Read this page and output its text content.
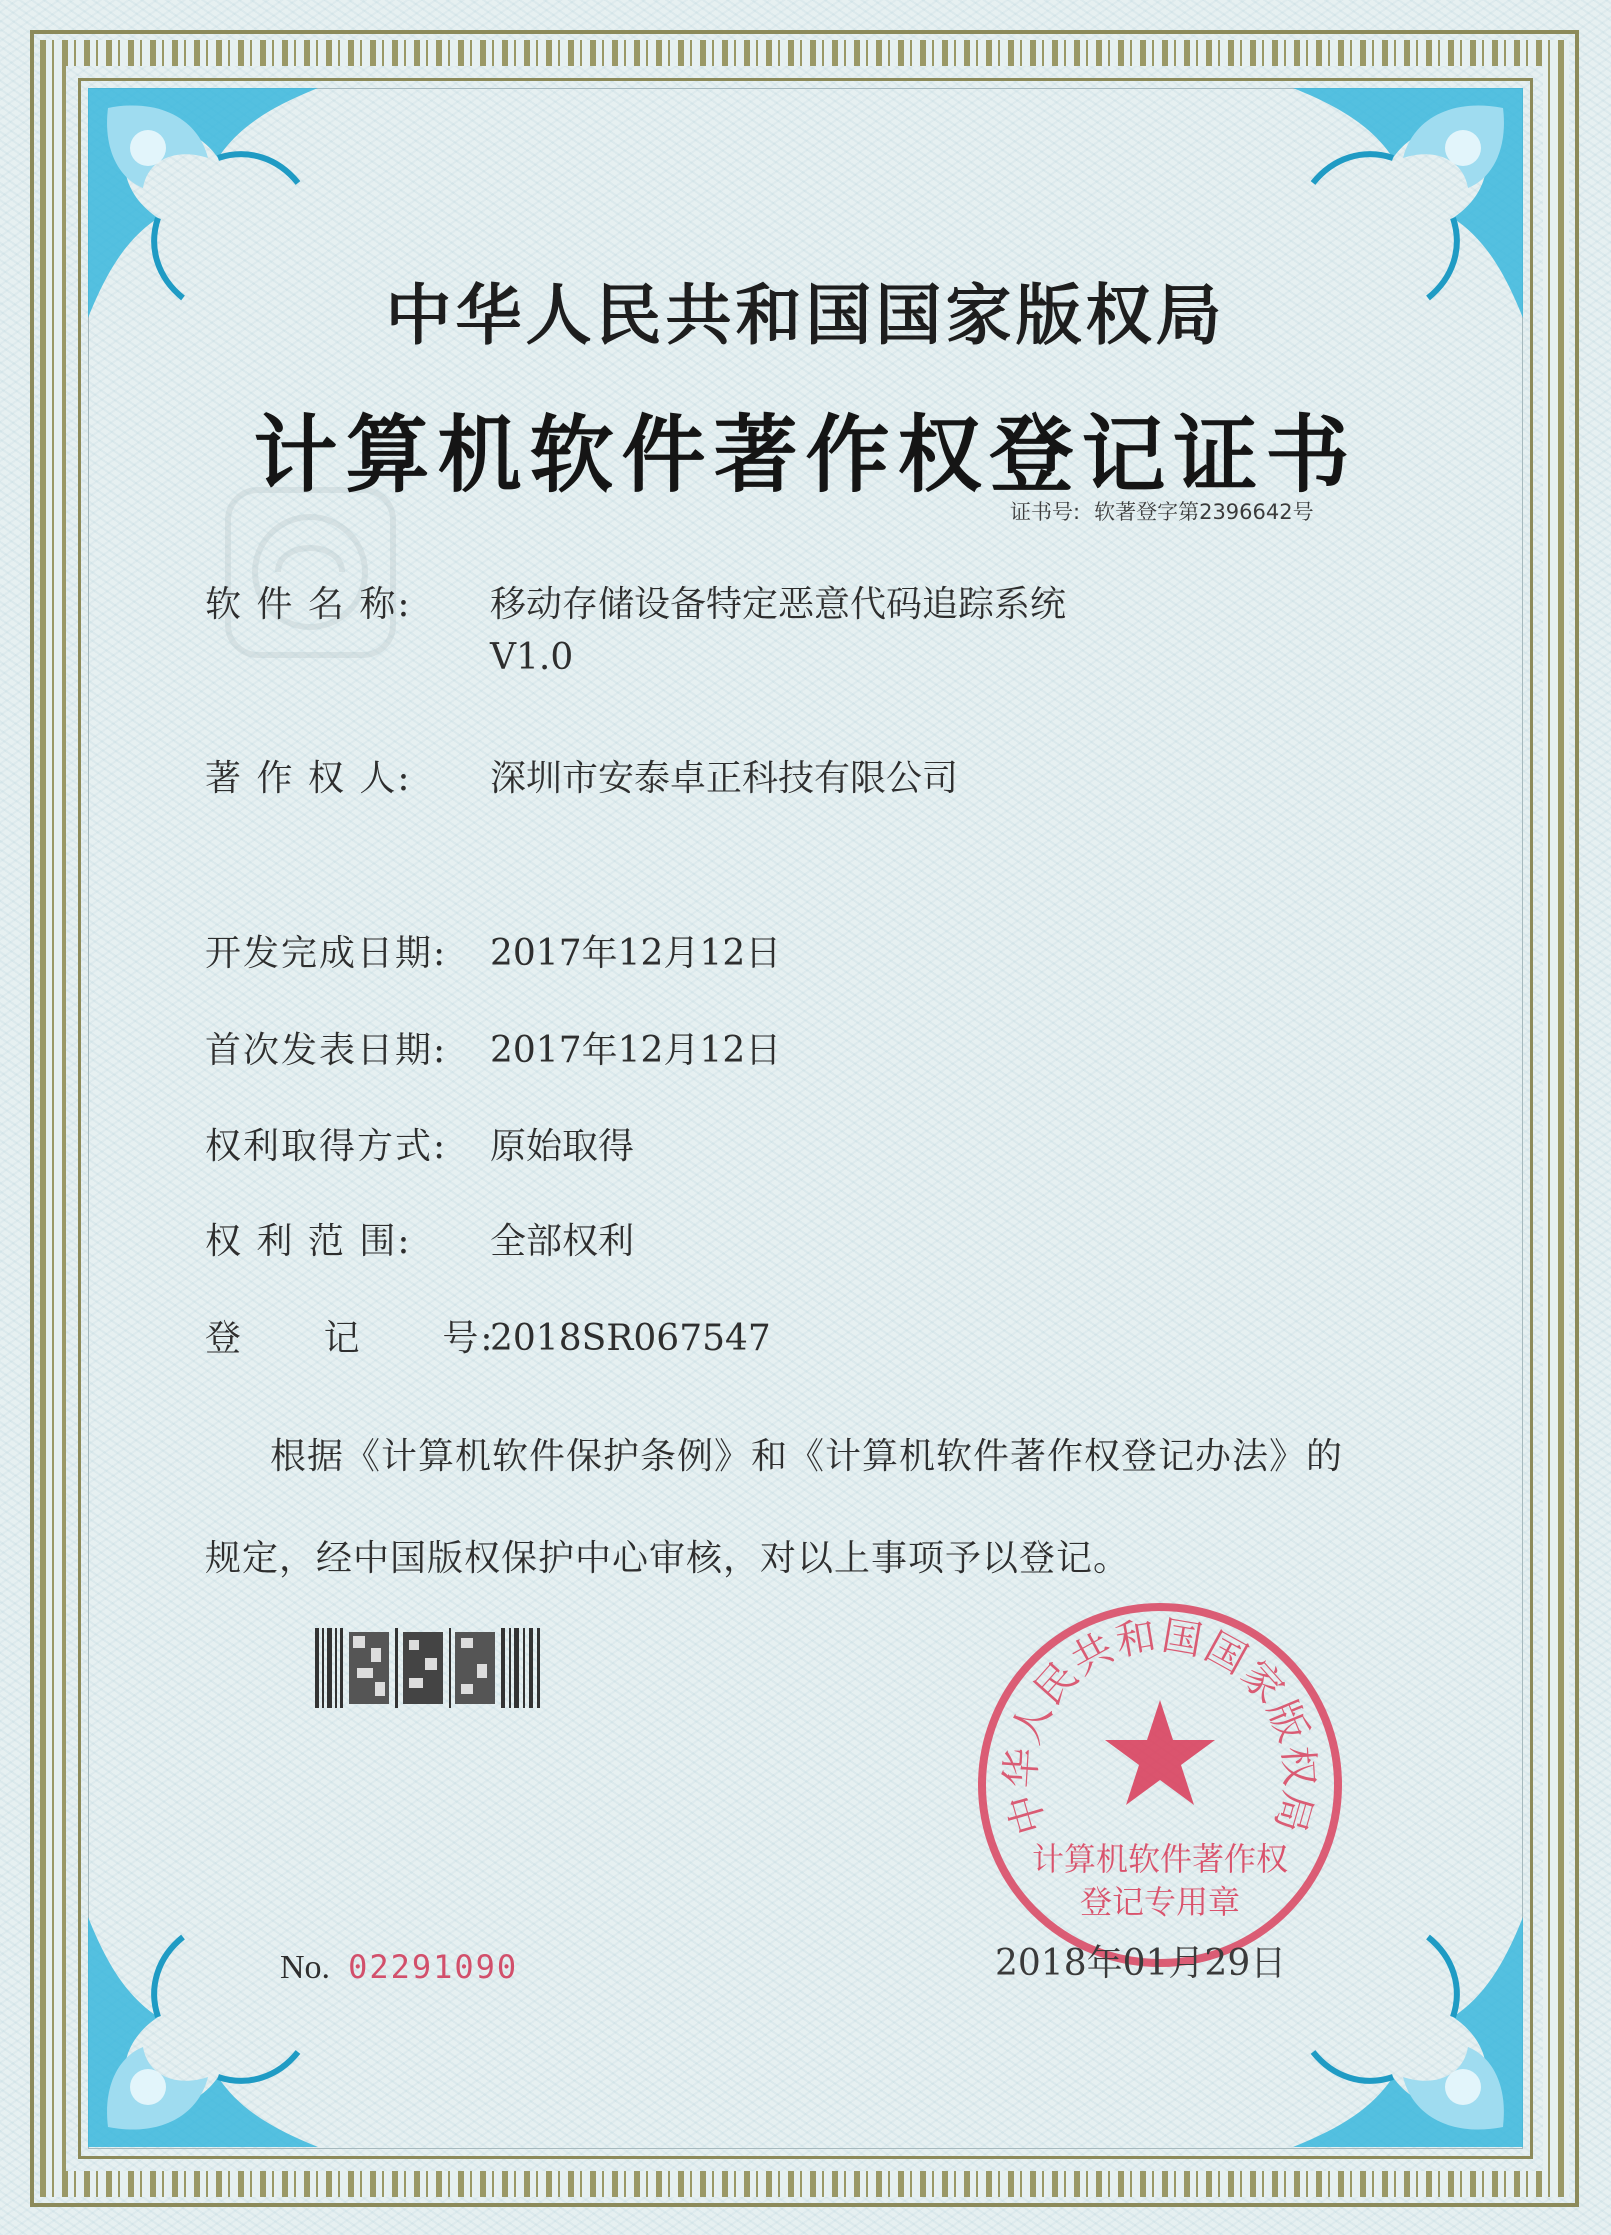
中华人民共和国国家版权局
计算机软件著作权登记证书
证书号: 软著登字第2396642号
软 件 名 称: 移动存储设备特定恶意代码追踪系统
V1.0
著 作 权 人: 深圳市安泰卓正科技有限公司
开发完成日期: 2017年12月12日
首次发表日期: 2017年12月12日
权利取得方式: 原始取得
权 利 范 围: 全部权利
登      记      号:2018SR067547
根据《计算机软件保护条例》和《计算机软件著作权登记办法》的
规定，经中国版权保护中心审核，对以上事项予以登记。
No. 02291090
中华人民共和国国家版权局
计算机软件著作权
登记专用章
2018年01月29日
